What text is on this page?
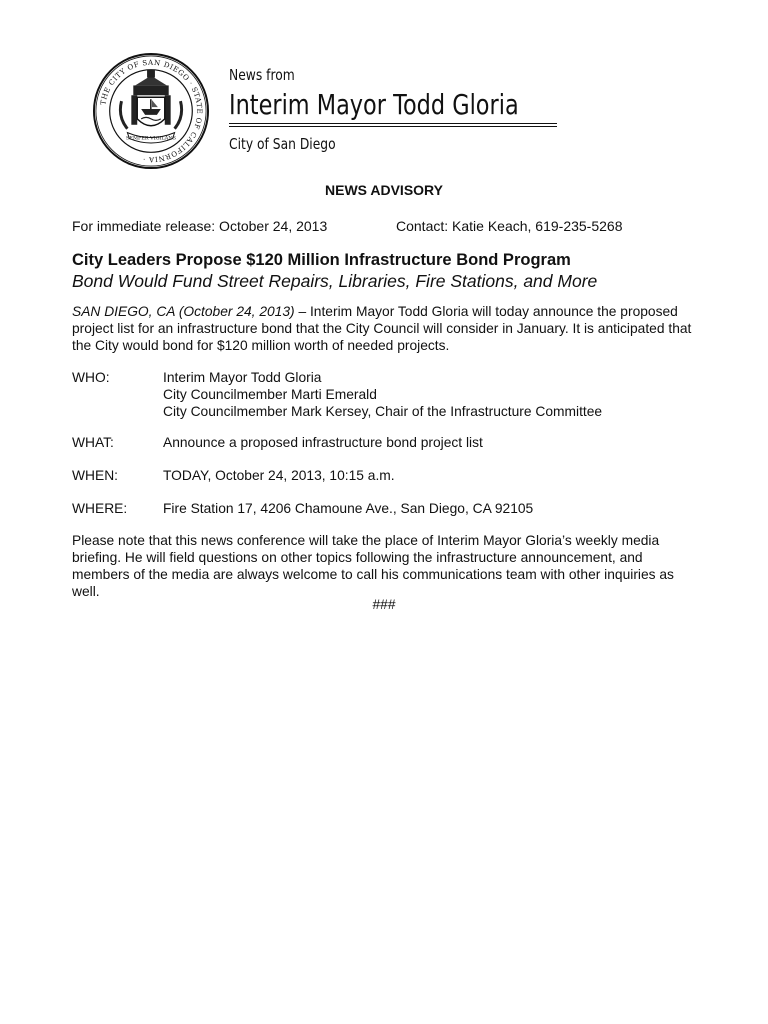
THE CITY OF SAN DIEGO · STATE OF CALIFORNIA ·
SEMPER VIGILANS
News from
Interim Mayor Todd Gloria
City of San Diego
NEWS ADVISORY
For immediate release: October 24, 2013	Contact: Katie Keach, 619-235-5268
City Leaders Propose $120 Million Infrastructure Bond Program
Bond Would Fund Street Repairs, Libraries, Fire Stations, and More
SAN DIEGO, CA (October 24, 2013) – Interim Mayor Todd Gloria will today announce the proposed project list for an infrastructure bond that the City Council will consider in January. It is anticipated that the City would bond for $120 million worth of needed projects.
WHO:	Interim Mayor Todd Gloria
City Councilmember Marti Emerald
City Councilmember Mark Kersey, Chair of the Infrastructure Committee
WHAT:	Announce a proposed infrastructure bond project list
WHEN:	TODAY, October 24, 2013, 10:15 a.m.
WHERE:	Fire Station 17, 4206 Chamoune Ave., San Diego, CA 92105
Please note that this news conference will take the place of Interim Mayor Gloria’s weekly media briefing. He will field questions on other topics following the infrastructure announcement, and members of the media are always welcome to call his communications team with other inquiries as well.
###
